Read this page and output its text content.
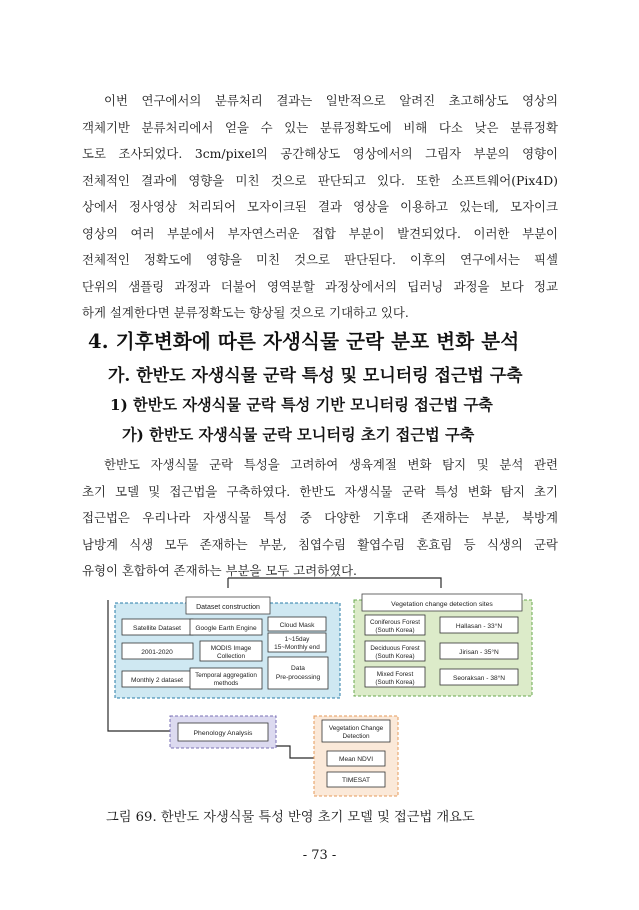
이번 연구에서의 분류처리 결과는 일반적으로 알려진 초고해상도 영상의
객체기반 분류처리에서 얻을 수 있는 분류정확도에 비해 다소 낮은 분류정확
도로 조사되었다. 3cm/pixel의 공간해상도 영상에서의 그림자 부분의 영향이
전체적인 결과에 영향을 미친 것으로 판단되고 있다. 또한 소프트웨어(Pix4D)
상에서 정사영상 처리되어 모자이크된 결과 영상을 이용하고 있는데, 모자이크
영상의 여러 부분에서 부자연스러운 접합 부분이 발견되었다. 이러한 부분이
전체적인 정확도에 영향을 미친 것으로 판단된다. 이후의 연구에서는 픽셀
단위의 샘플링 과정과 더불어 영역분할 과정상에서의 딥러닝 과정을 보다 정교
하게 설계한다면 분류정확도는 향상될 것으로 기대하고 있다.
4. 기후변화에 따른 자생식물 군락 분포 변화 분석
가. 한반도 자생식물 군락 특성 및 모니터링 접근법 구축
1) 한반도 자생식물 군락 특성 기반 모니터링 접근법 구축
가) 한반도 자생식물 군락 모니터링 초기 접근법 구축
한반도 자생식물 군락 특성을 고려하여 생육계절 변화 탐지 및 분석 관련
초기 모델 및 접근법을 구축하였다. 한반도 자생식물 군락 특성 변화 탐지 초기
접근법은 우리나라 자생식물 특성 중 다양한 기후대 존재하는 부분, 북방계
남방계 식생 모두 존재하는 부분, 침엽수림 활엽수림 혼효림 등 식생의 군락
유형이 혼합하여 존재하는 부분을 모두 고려하였다.
Dataset construction
Satellite Dataset Google Earth Engine	Cloud Mask
2001-2020
MODIS Image
Collection
1~15day
15~Monthly end
Monthly 2 dataset
Temporal aggregation
methods
Data
Pre-processing
Vegetation change detection sites
Coniferous Forest
(South Korea)
Hallasan - 33°N
Deciduous Forest
(South Korea)
Jirisan - 35°N
Mixed Forest
(South Korea)
Seoraksan - 38°N
Phenology Analysis
Vegetation Change
Detection
Mean NDVI
TIMESAT

그림 69. 한반도 자생식물 특성 반영 초기 모델 및 접근법 개요도

- 73 -
